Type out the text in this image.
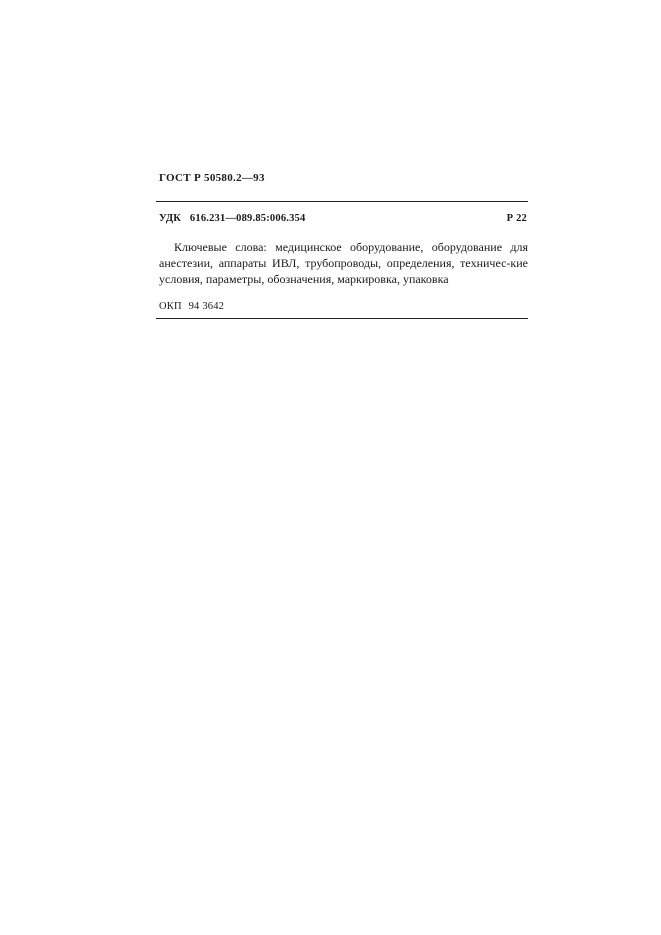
ГОСТ Р 50580.2—93
УДК 616.231—089.85:006.354	Р 22

Ключевые слова: медицинское оборудование, оборудование для анестезии, аппараты ИВЛ, трубопроводы, определения, техничес-кие условия, параметры, обозначения, маркировка, упаковка

ОКП 94 3642
